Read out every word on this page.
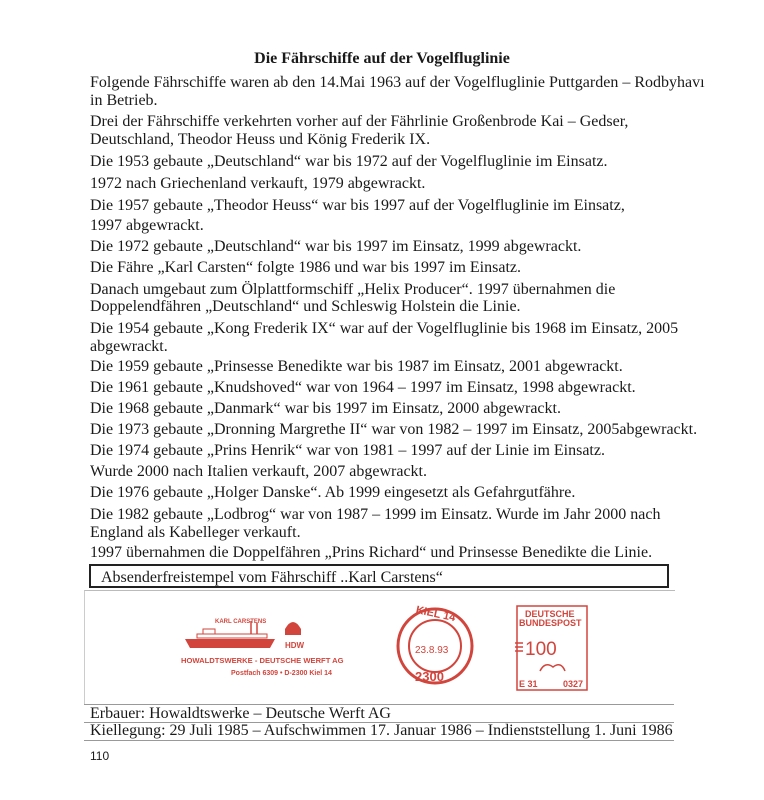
Die Fährschiffe auf der Vogelfluglinie
Folgende Fährschiffe waren ab den 14.Mai 1963 auf der Vogelfluglinie Puttgarden – Rodbyhavı
in Betrieb.
Drei der Fährschiffe verkehrten vorher auf der Fährlinie Großenbrode Kai – Gedser,
Deutschland, Theodor Heuss und König Frederik IX.
Die 1953 gebaute „Deutschland“ war bis 1972 auf der Vogelfluglinie im Einsatz.
1972 nach Griechenland verkauft, 1979 abgewrackt.
Die 1957 gebaute „Theodor Heuss“ war bis 1997 auf der Vogelfluglinie im Einsatz,
1997 abgewrackt.
Die 1972 gebaute „Deutschland“ war bis 1997 im Einsatz, 1999 abgewrackt.
Die Fähre „Karl Carsten“ folgte 1986 und war bis 1997 im Einsatz.
Danach umgebaut zum Ölplattformschiff „Helix Producer“. 1997 übernahmen die
Doppelendfähren „Deutschland“ und Schleswig Holstein die Linie.
Die 1954 gebaute „Kong Frederik IX“ war auf der Vogelfluglinie bis 1968 im Einsatz, 2005
abgewrackt.
Die 1959 gebaute „Prinsesse Benedikte war bis 1987 im Einsatz, 2001 abgewrackt.
Die 1961 gebaute „Knudshoved“ war von 1964 – 1997 im Einsatz, 1998 abgewrackt.
Die 1968 gebaute „Danmark“ war bis 1997 im Einsatz, 2000 abgewrackt.
Die 1973 gebaute „Dronning Margrethe II“ war von 1982 – 1997 im Einsatz, 2005abgewrackt.
Die 1974 gebaute „Prins Henrik“ war von 1981 – 1997 auf der Linie im Einsatz.
Wurde 2000 nach Italien verkauft, 2007 abgewrackt.
Die 1976 gebaute „Holger Danske“. Ab 1999 eingesetzt als Gefahrgutfähre.
Die 1982 gebaute „Lodbrog“ war von 1987 – 1999 im Einsatz. Wurde im Jahr 2000 nach
England als Kabelleger verkauft.
1997 übernahmen die Doppelfähren „Prins Richard“ und Prinsesse Benedikte die Linie.
Absenderfreistempel vom Fährschiff ..Karl Carstens“
KARL CARSTENS
HDW
HOWALDTSWERKE - DEUTSCHE WERFT AG
Postfach 6309 • D-2300 Kiel 14
KIEL 14
23.8.93
2300
DEUTSCHE
BUNDESPOST
100
E 31	0327
Erbauer: Howaldtswerke – Deutsche Werft AG
Kiellegung: 29 Juli 1985 – Aufschwimmen 17. Januar 1986 – Indienststellung 1. Juni 1986
110
